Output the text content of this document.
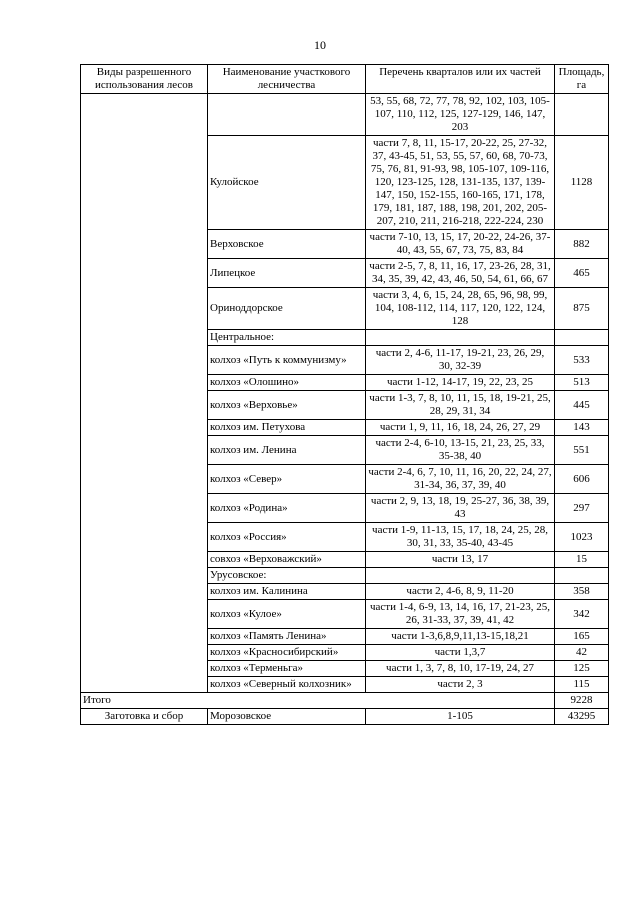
10
Виды разрешенного использования лесов	Наименование участкового лесничества	Перечень кварталов или их частей	Площадь, га
		53, 55, 68, 72, 77, 78, 92, 102, 103, 105-107, 110, 112, 125, 127-129, 146, 147, 203	
	Кулойское	части 7, 8, 11, 15-17, 20-22, 25, 27-32, 37, 43-45, 51, 53, 55, 57, 60, 68, 70-73, 75, 76, 81, 91-93, 98, 105-107, 109-116, 120, 123-125, 128, 131-135, 137, 139-147, 150, 152-155, 160-165, 171, 178, 179, 181, 187, 188, 198, 201, 202, 205-207, 210, 211, 216-218, 222-224, 230	1128
	Верховское	части 7-10, 13, 15, 17, 20-22, 24-26, 37-40, 43, 55, 67, 73, 75, 83, 84	882
	Липецкое	части 2-5, 7, 8, 11, 16, 17, 23-26, 28, 31, 34, 35, 39, 42, 43, 46, 50, 54, 61, 66, 67	465
	Ориноддорское	части 3, 4, 6, 15, 24, 28, 65, 96, 98, 99, 104, 108-112, 114, 117, 120, 122, 124, 128	875
	Центральное:		
	колхоз «Путь к коммунизму»	части 2, 4-6, 11-17, 19-21, 23, 26, 29, 30, 32-39	533
	колхоз «Олошино»	части 1-12, 14-17, 19, 22, 23, 25	513
	колхоз «Верховье»	части 1-3, 7, 8, 10, 11, 15, 18, 19-21, 25, 28, 29, 31, 34	445
	колхоз им. Петухова	части 1, 9, 11, 16, 18, 24, 26, 27, 29	143
	колхоз им. Ленина	части 2-4, 6-10, 13-15, 21, 23, 25, 33, 35-38, 40	551
	колхоз «Север»	части 2-4, 6, 7, 10, 11, 16, 20, 22, 24, 27, 31-34, 36, 37, 39, 40	606
	колхоз «Родина»	части 2, 9, 13, 18, 19, 25-27, 36, 38, 39, 43	297
	колхоз «Россия»	части 1-9, 11-13, 15, 17, 18, 24, 25, 28, 30, 31, 33, 35-40, 43-45	1023
	совхоз «Верховажский»	части 13, 17	15
	Урусовское:		
	колхоз им. Калинина	части 2, 4-6, 8, 9, 11-20	358
	колхоз «Кулое»	части 1-4, 6-9, 13, 14, 16, 17, 21-23, 25, 26, 31-33, 37, 39, 41, 42	342
	колхоз «Память Ленина»	части 1-3,6,8,9,11,13-15,18,21	165
	колхоз «Красносибирский»	части 1,3,7	42
	колхоз «Терменьга»	части 1, 3, 7, 8, 10, 17-19, 24, 27	125
	колхоз «Северный колхозник»	части 2, 3	115
Итого			9228
Заготовка и сбор	Морозовское	1-105	43295
